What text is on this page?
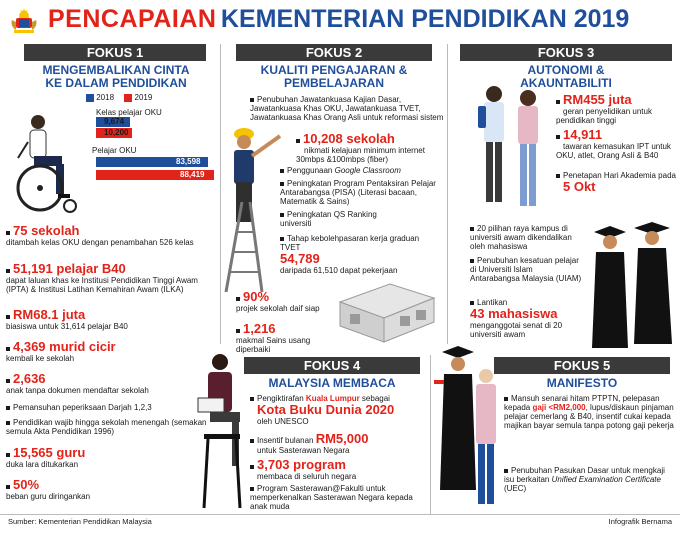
PENCAPAIAN KEMENTERIAN PENDIDIKAN 2019
FOKUS 1
MENGEMBALIKAN CINTA
KE DALAM PENDIDIKAN
2018	2019
Kelas pelajar OKU
9,674
10,200
Pelajar OKU
83,598
88,419
75 sekolah
ditambah kelas OKU dengan penambahan 526 kelas
51,191 pelajar B40
dapat laluan khas ke Institusi Pendidikan Tinggi Awam (IPTA) & Institusi Latihan Kemahiran Awam (ILKA)
RM68.1 juta
biasiswa untuk 31,614 pelajar B40
4,369 murid cicir
kembali ke sekolah
2,636
anak tanpa dokumen mendaftar sekolah
Pemansuhan peperiksaan Darjah 1,2,3
Pendidikan wajib hingga sekolah menengah (semakan semula Akta Pendidikan 1996)
15,565 guru
duka lara ditukarkan
50%
beban guru diringankan
FOKUS 2
KUALITI PENGAJARAN &
PEMBELAJARAN
Penubuhan Jawatankuasa Kajian Dasar, Jawatankuasa Khas OKU, Jawatankuasa TVET, Jawatankuasa Khas Orang Asli untuk reformasi sistem
10,208 sekolah
nikmati kelajuan minimum internet 30mbps &100mbps (fiber)
Penggunaan Google Classroom
Peningkatan Program Pentaksiran Pelajar Antarabangsa (PISA) (Literasi bacaan, Matematik & Sains)
Peningkatan QS Ranking universiti
Tahap kebolehpasaran kerja graduan TVET
54,789
daripada 61,510 dapat pekerjaan
90%
projek sekolah daif siap
1,216
makmal Sains usang diperbaiki
FOKUS 3
AUTONOMI &
AKAUNTABILITI
RM455 juta
geran penyelidikan untuk pendidikan tinggi
14,911
tawaran kemasukan IPT untuk OKU, atlet, Orang Asli & B40
Penetapan Hari Akademia pada
5 Okt
20 pilihan raya kampus di universiti awam dikendalikan oleh mahasiswa
Penubuhan kesatuan pelajar di Universiti Islam Antarabangsa Malaysia (UIAM)
Lantikan
43 mahasiswa
menganggotai senat di 20 universiti awam
FOKUS 4
MALAYSIA MEMBACA
Pengiktirafan Kuala Lumpur sebagai
Kota Buku Dunia 2020
oleh UNESCO
Insentif bulanan RM5,000
untuk Sasterawan Negara
3,703 program
membaca di seluruh negara
Program Sasterawan@Fakulti untuk memperkenalkan Sasterawan Negara kepada anak muda
FOKUS 5
MANIFESTO
Mansuh senarai hitam PTPTN, pelepasan kepada gaji <RM2,000, lupus/diskaun pinjaman pelajar cemerlang & B40, insentif cukai kepada majikan bayar semula tanpa potong gaji pekerja
Penubuhan Pasukan Dasar untuk mengkaji isu berkaitan Unified Examination Certificate (UEC)
Sumber: Kementerian Pendidikan Malaysia	Infografik Bernama
